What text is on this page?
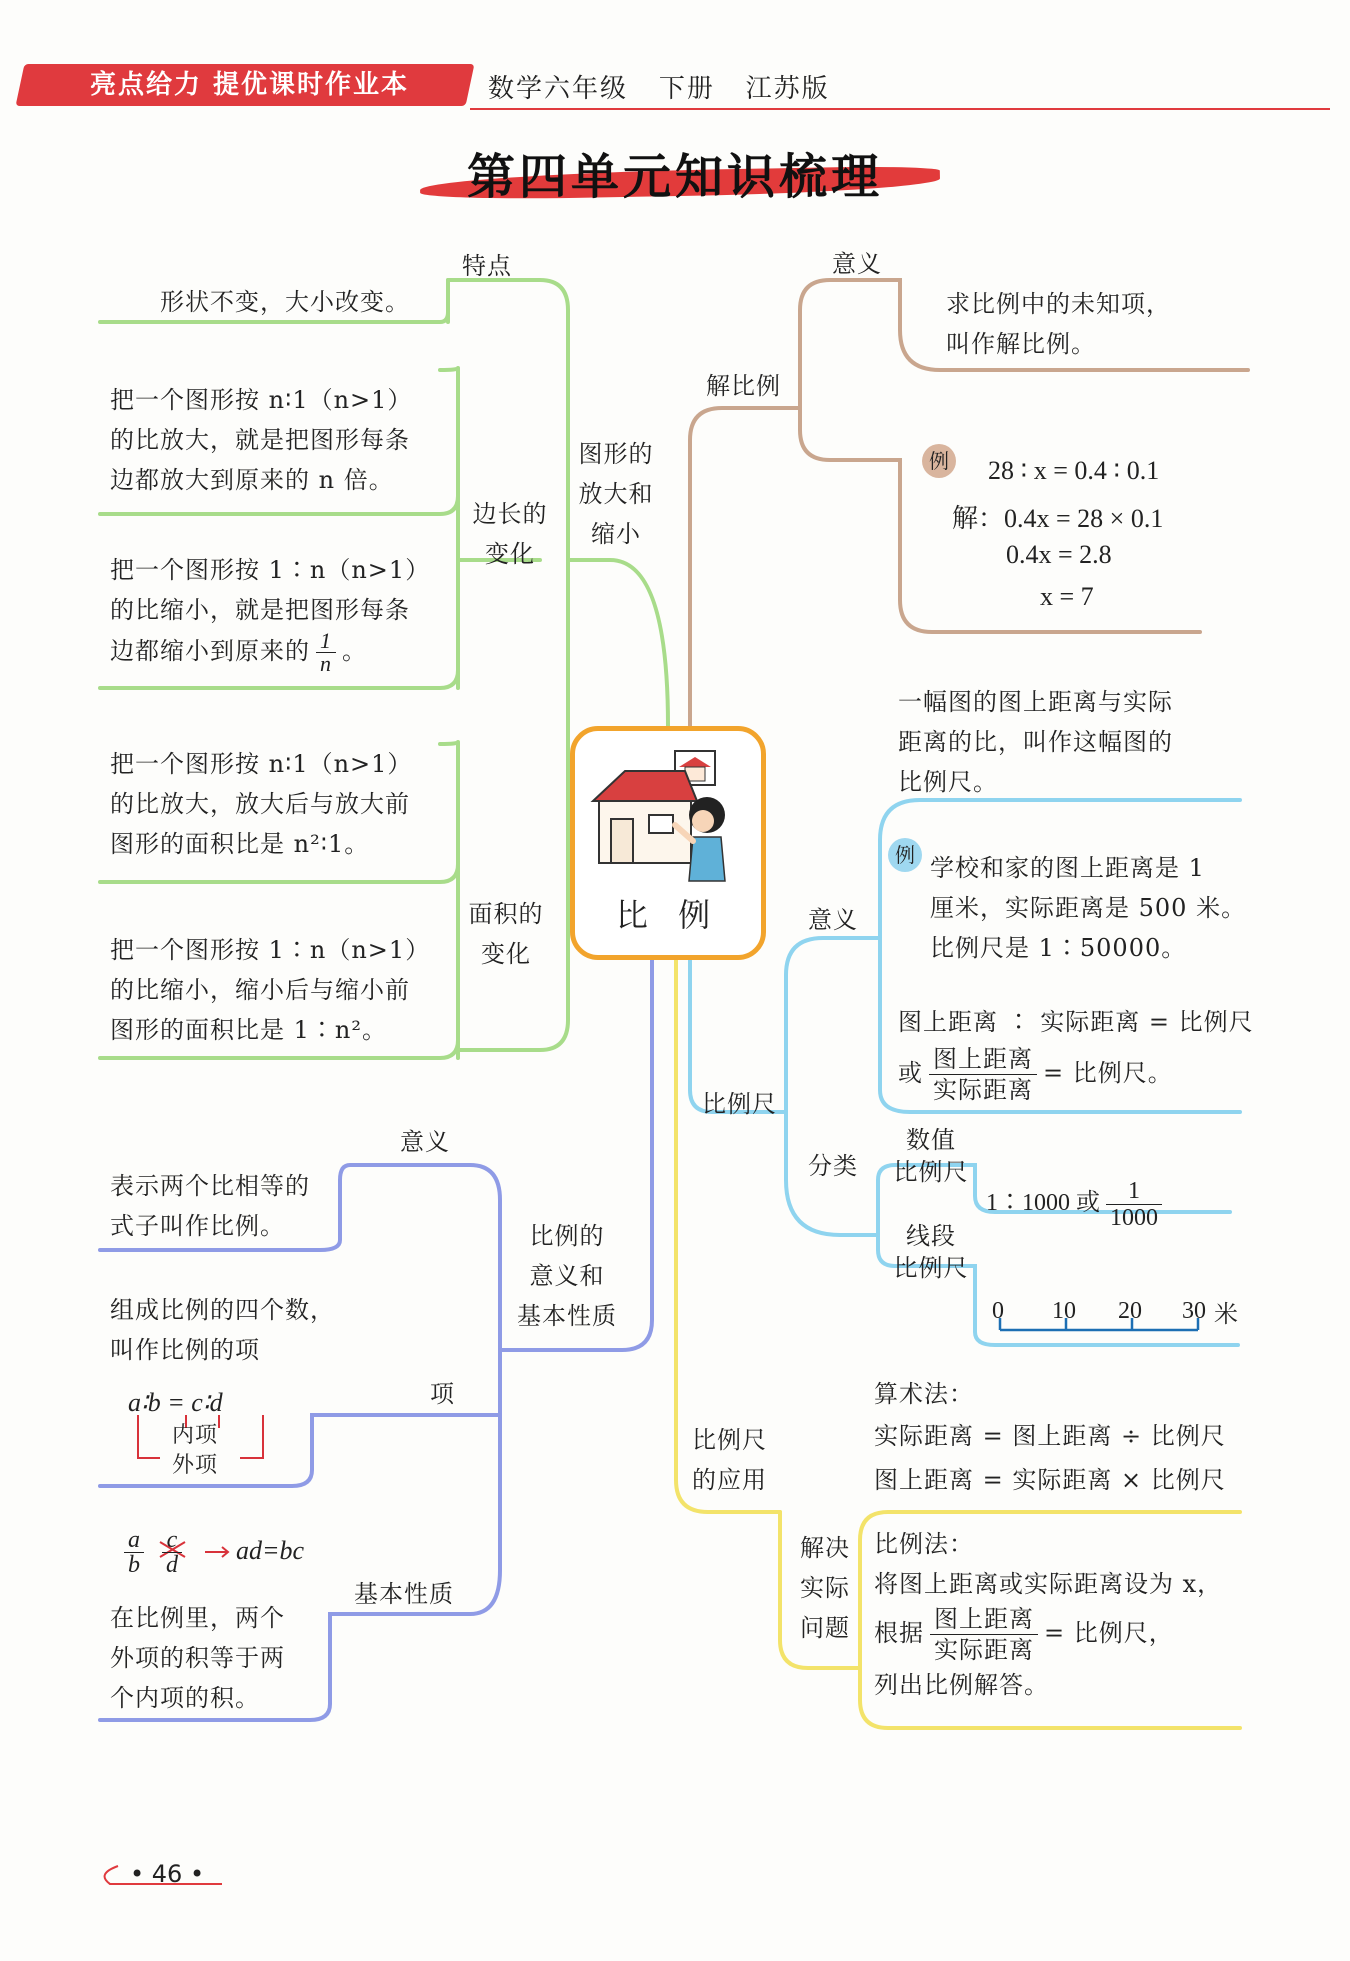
亮点给力 提优课时作业本	数学六年级 下册 江苏版
第四单元知识梳理
比 例
特点
形状不变，大小改变。
图形的
放大和
缩小
边长的
变化
把一个图形按 n∶1（n>1）
的比放大，就是把图形每条
边都放大到原来的 n 倍。
把一个图形按 1∶n（n>1）
的比缩小，就是把图形每条
边都缩小到原来的 $\frac{1}{n}$ 。
面积的
变化
把一个图形按 n∶1（n>1）
的比放大，放大后与放大前
图形的面积比是 n²∶1。
把一个图形按 1∶n（n>1）
的比缩小，缩小后与缩小前
图形的面积比是 1∶n²。
比例的
意义和
基本性质
意义
表示两个比相等的
式子叫作比例。
项
组成比例的四个数，
叫作比例的项
a∶b = c∶d
内项
外项
基本性质
$\frac{a}{b} \frac{c}{d} ad=bc$
在比例里，两个
外项的积等于两
个内项的积。
解比例
意义
求比例中的未知项，
叫作解比例。
例 28 ∶ x = 0.4 ∶ 0.1
解：0.4x = 28 × 0.1
0.4x = 2.8
x = 7
比例尺
意义
一幅图的图上距离与实际
距离的比，叫作这幅图的
比例尺。
例 学校和家的图上距离是 1
厘米，实际距离是 500 米。
比例尺是 1∶50000。
图上距离 ∶ 实际距离 = 比例尺
或 $\frac{\text{图上距离}}{\text{实际距离}}$ = 比例尺。
分类
数值
比例尺
1∶1000 或 $\frac{1}{1000}$
线段
比例尺
0 10 20 30 米
比例尺
的应用
解决
实际
问题
算术法：
实际距离 = 图上距离 ÷ 比例尺
图上距离 = 实际距离 × 比例尺
比例法：
将图上距离或实际距离设为 x，
根据 $\frac{\text{图上距离}}{\text{实际距离}}$ = 比例尺，
列出比例解答。
• 46 •
